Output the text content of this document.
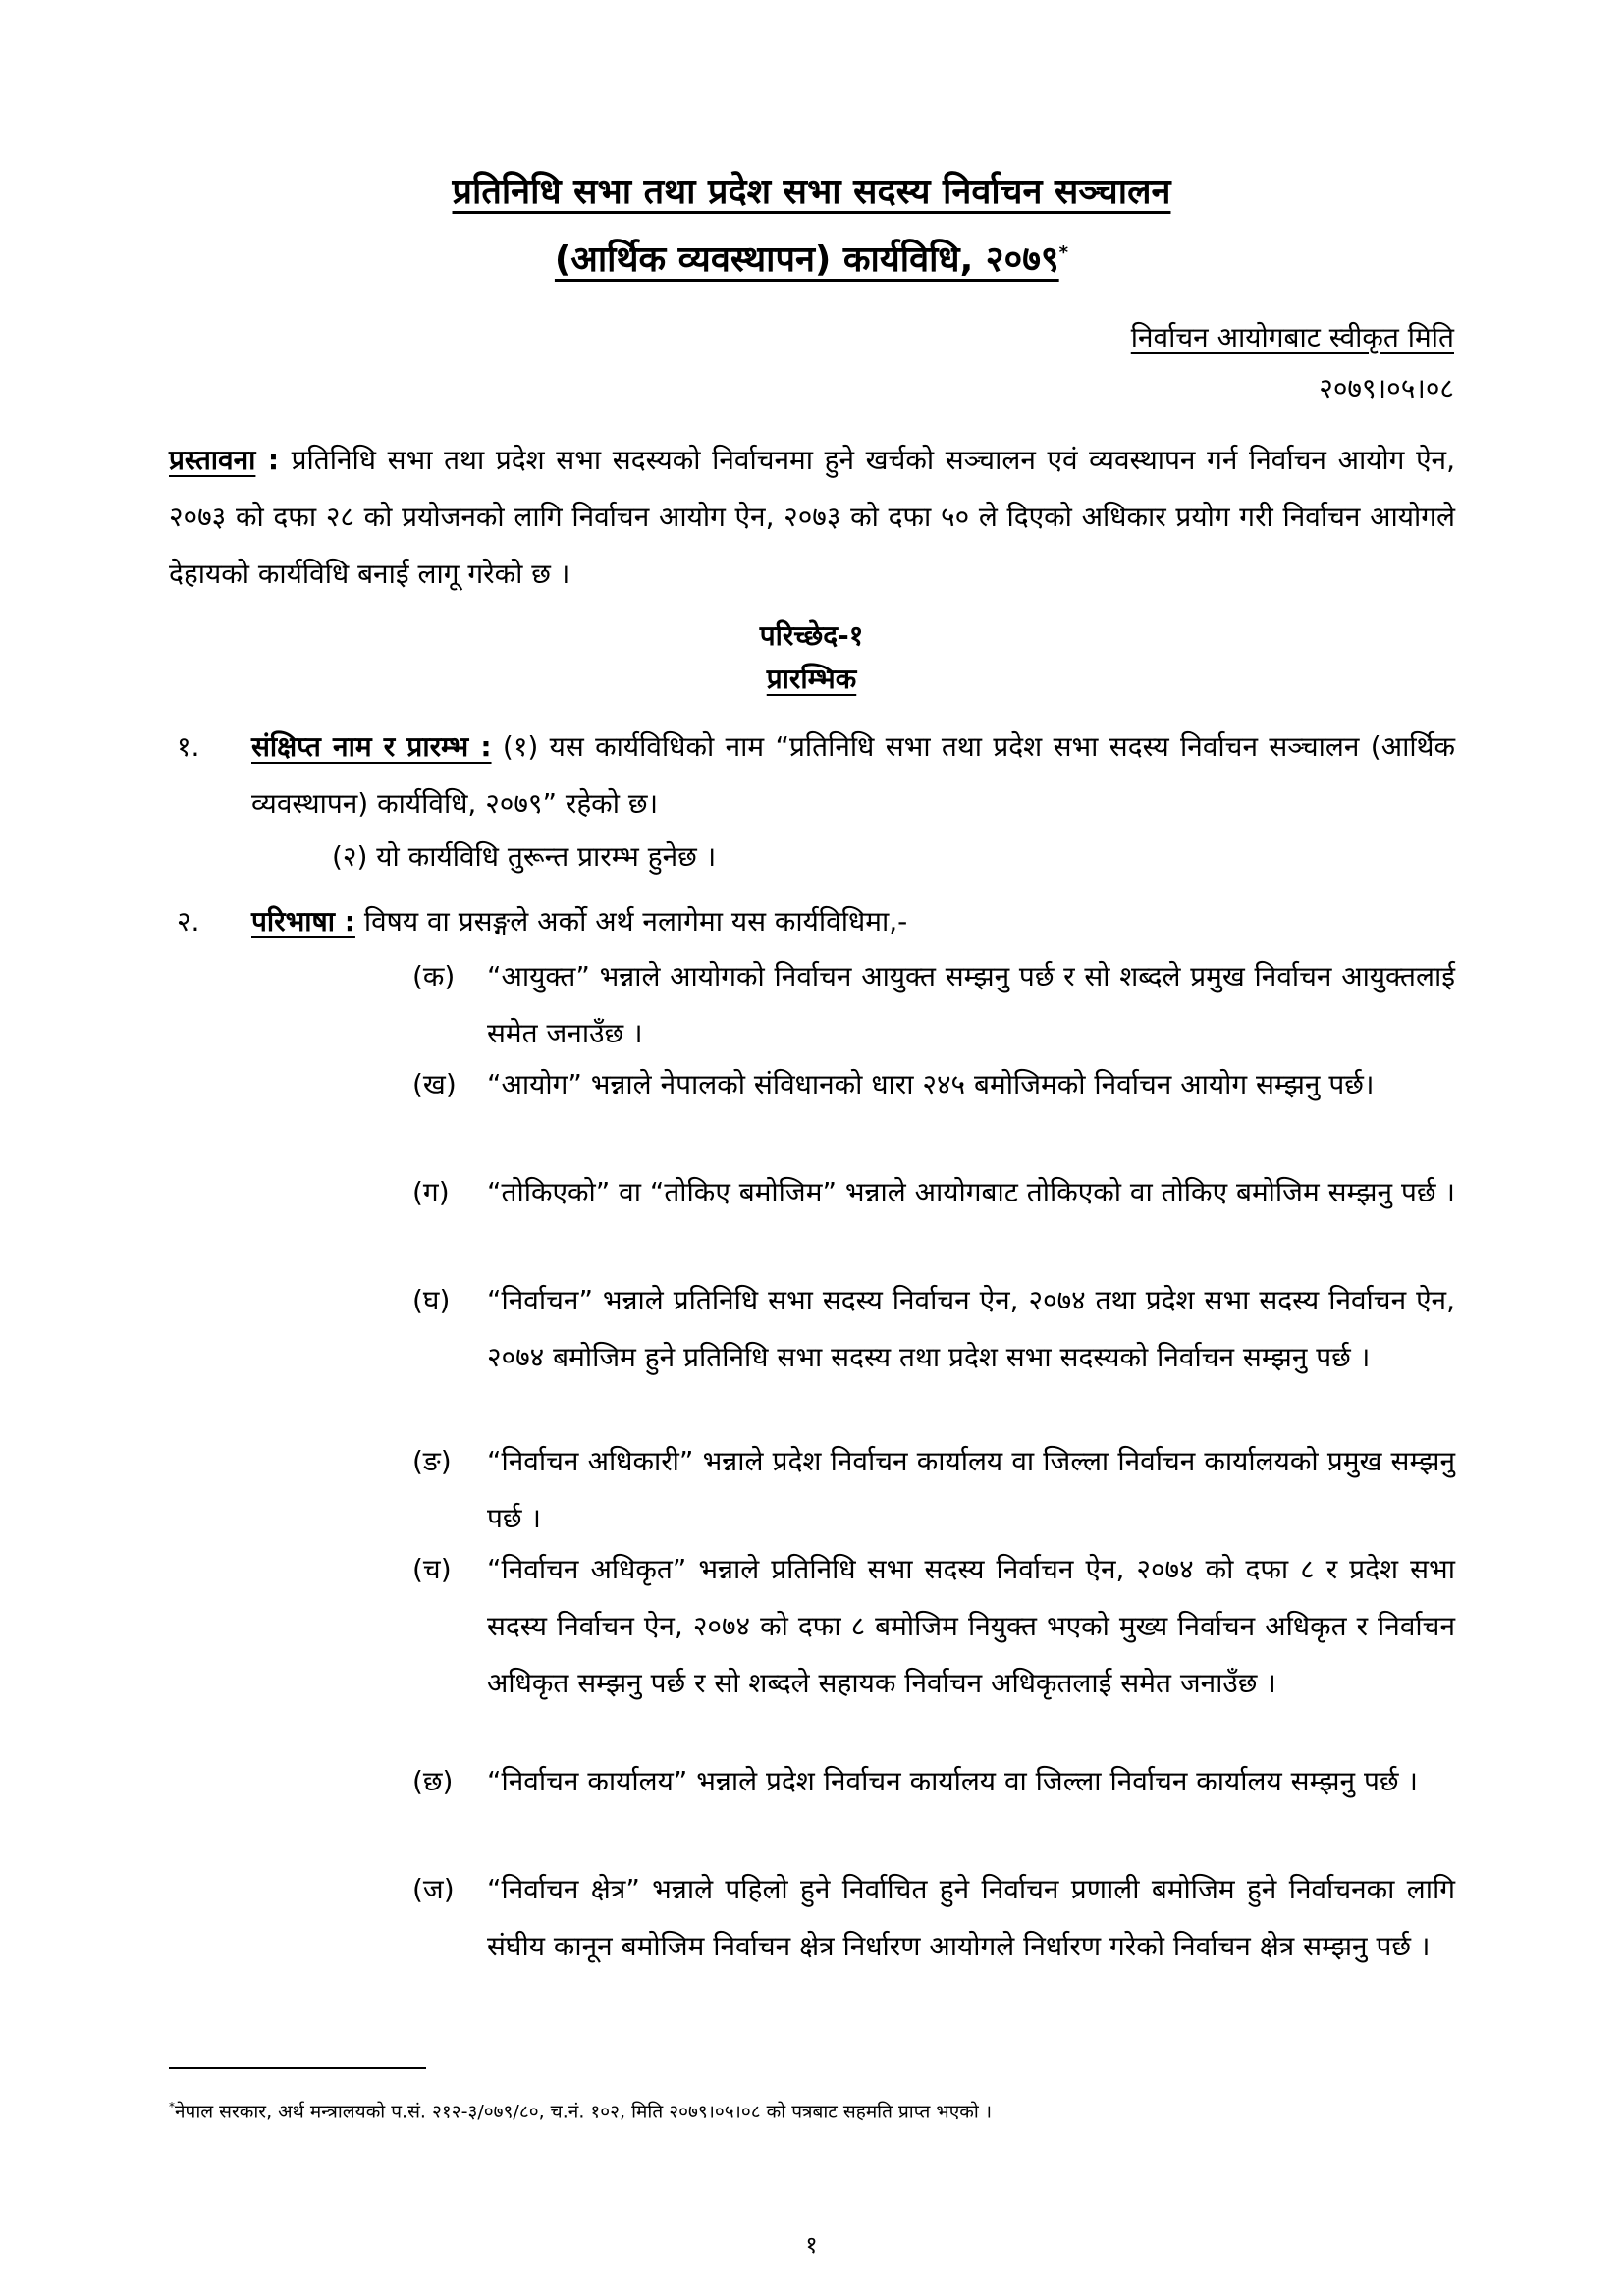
प्रतिनिधि सभा तथा प्रदेश सभा सदस्य निर्वाचन सञ्चालन
(आर्थिक व्यवस्थापन) कार्यविधि, २०७९*
निर्वाचन आयोगबाट स्वीकृत मिति
२०७९।०५।०८
प्रस्तावना : प्रतिनिधि सभा तथा प्रदेश सभा सदस्यको निर्वाचनमा हुने खर्चको सञ्चालन एवं व्यवस्थापन गर्न निर्वाचन आयोग ऐन, २०७३ को दफा २८ को प्रयोजनको लागि निर्वाचन आयोग ऐन, २०७३ को दफा ५० ले दिएको अधिकार प्रयोग गरी निर्वाचन आयोगले देहायको कार्यविधि बनाई लागू गरेको छ ।
परिच्छेद-१
प्रारम्भिक
१. संक्षिप्त नाम र प्रारम्भ : (१) यस कार्यविधिको नाम “प्रतिनिधि सभा तथा प्रदेश सभा सदस्य निर्वाचन सञ्चालन (आर्थिक व्यवस्थापन) कार्यविधि, २०७९” रहेको छ।
(२) यो कार्यविधि तुरून्त प्रारम्भ हुनेछ ।
२. परिभाषा : विषय वा प्रसङ्गले अर्को अर्थ नलागेमा यस कार्यविधिमा,-
(क) “आयुक्त” भन्नाले आयोगको निर्वाचन आयुक्त सम्झनु पर्छ र सो शब्दले प्रमुख निर्वाचन आयुक्तलाई समेत जनाउँछ ।
(ख) “आयोग” भन्नाले नेपालको संविधानको धारा २४५ बमोजिमको निर्वाचन आयोग सम्झनु पर्छ।
(ग) “तोकिएको” वा “तोकिए बमोजिम” भन्नाले आयोगबाट तोकिएको वा तोकिए बमोजिम सम्झनु पर्छ ।
(घ) “निर्वाचन” भन्नाले प्रतिनिधि सभा सदस्य निर्वाचन ऐन, २०७४ तथा प्रदेश सभा सदस्य निर्वाचन ऐन, २०७४ बमोजिम हुने प्रतिनिधि सभा सदस्य तथा प्रदेश सभा सदस्यको निर्वाचन सम्झनु पर्छ ।
(ङ) “निर्वाचन अधिकारी” भन्नाले प्रदेश निर्वाचन कार्यालय वा जिल्ला निर्वाचन कार्यालयको प्रमुख सम्झनु पर्छ ।
(च) “निर्वाचन अधिकृत” भन्नाले प्रतिनिधि सभा सदस्य निर्वाचन ऐन, २०७४ को दफा ८ र प्रदेश सभा सदस्य निर्वाचन ऐन, २०७४ को दफा ८ बमोजिम नियुक्त भएको मुख्य निर्वाचन अधिकृत र निर्वाचन अधिकृत सम्झनु पर्छ र सो शब्दले सहायक निर्वाचन अधिकृतलाई समेत जनाउँछ ।
(छ) “निर्वाचन कार्यालय” भन्नाले प्रदेश निर्वाचन कार्यालय वा जिल्ला निर्वाचन कार्यालय सम्झनु पर्छ ।
(ज) “निर्वाचन क्षेत्र” भन्नाले पहिलो हुने निर्वाचित हुने निर्वाचन प्रणाली बमोजिम हुने निर्वाचनका लागि संघीय कानून बमोजिम निर्वाचन क्षेत्र निर्धारण आयोगले निर्धारण गरेको निर्वाचन क्षेत्र सम्झनु पर्छ ।
*नेपाल सरकार, अर्थ मन्त्रालयको प.सं. २१२-३/०७९/८०, च.नं. १०२, मिति २०७९।०५।०८ को पत्रबाट सहमति प्राप्त भएको ।
१
